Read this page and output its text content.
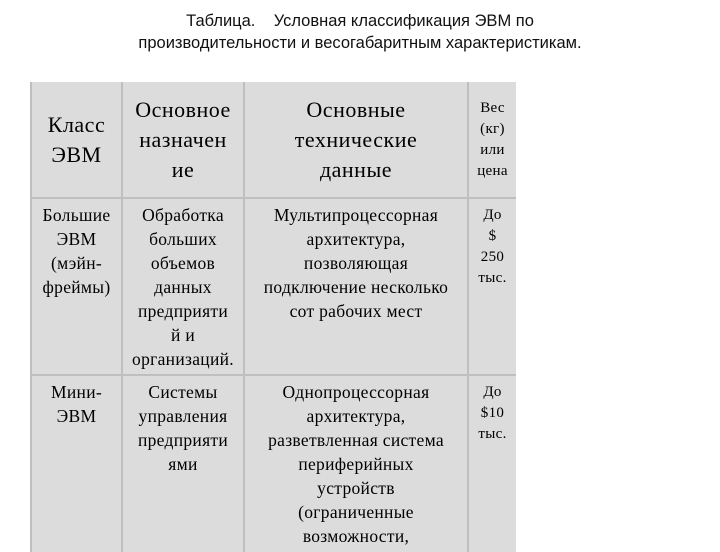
Таблица.    Условная классификация ЭВМ по
производительности и весогабаритным характеристикам.
Класс
ЭВМ
Основное
назначен
ие
Основные
технические
данные
Вес
(кг)
или
цена
Большие
ЭВМ
(мэйн-
фреймы)
Обработка
больших
объемов
данных
предприяти
й и
организаций.
Мультипроцессорная
архитектура,
позволяющая
подключение несколько
сот рабочих мест
До
$
250
тыс.
Мини-
ЭВМ
Системы
управления
предприяти
ями
Однопроцессорная
архитектура,
разветвленная система
периферийных
устройств
(ограниченные
возможности,
До
$10
тыс.
